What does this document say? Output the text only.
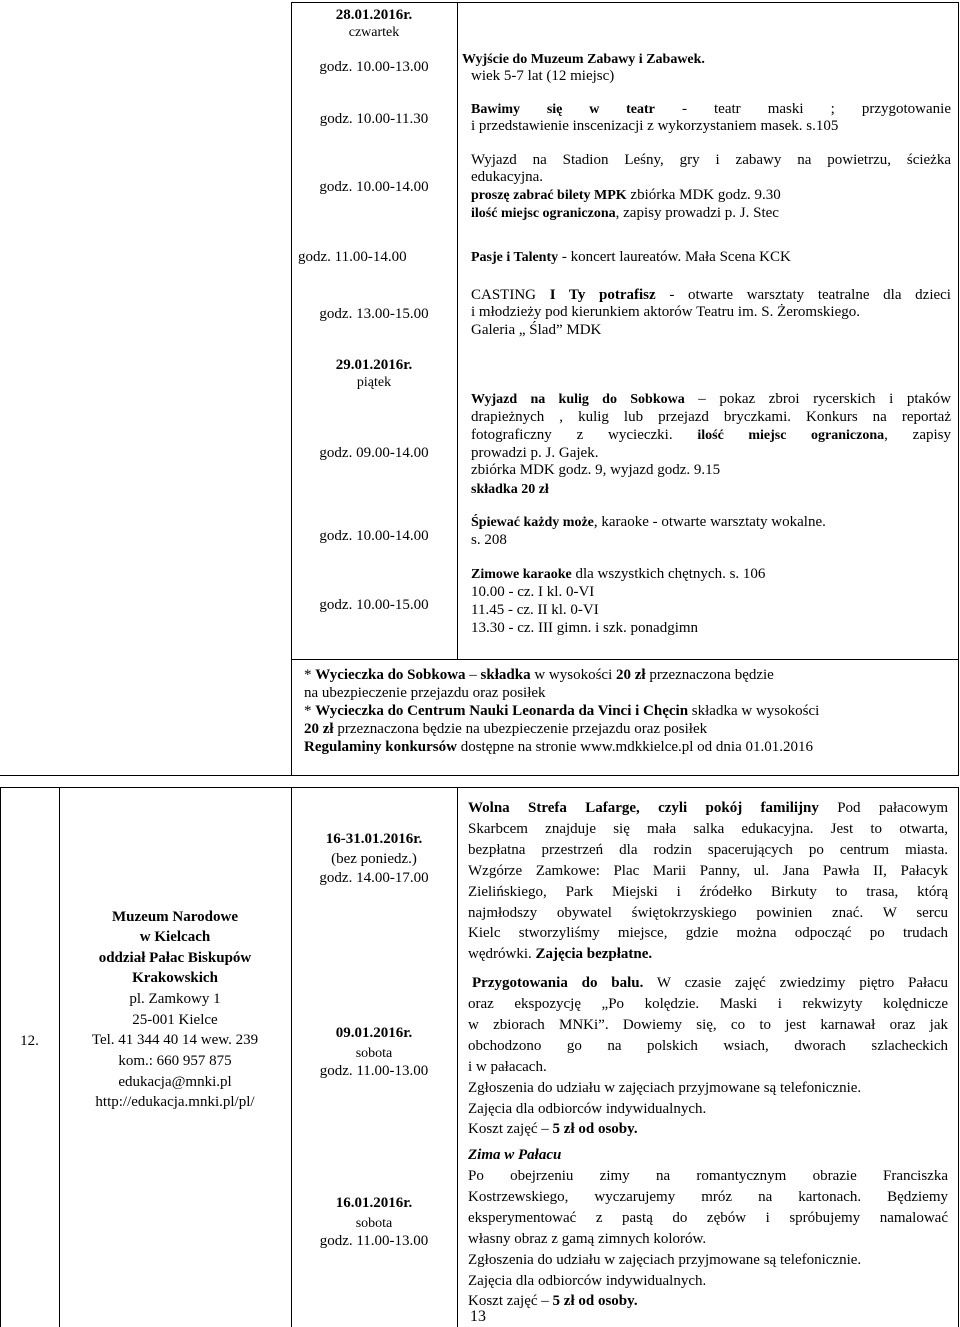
28.01.2016r.
czwartek
godz. 10.00-13.00
godz. 10.00-11.30
godz. 10.00-14.00
godz. 11.00-14.00
godz. 13.00-15.00
29.01.2016r.
piątek
godz. 09.00-14.00
godz. 10.00-14.00
godz. 10.00-15.00
Wyjście do Muzeum Zabawy i Zabawek.
wiek 5-7 lat (12 miejsc)
Bawimy się w teatr - teatr maski ; przygotowanie
i przedstawienie inscenizacji z wykorzystaniem masek. s.105
Wyjazd na Stadion Leśny, gry i zabawy na powietrzu, ścieżka
edukacyjna.
proszę zabrać bilety MPK zbiórka MDK godz. 9.30
ilość miejsc ograniczona, zapisy prowadzi p. J. Stec
Pasje i Talenty - koncert laureatów. Mała Scena KCK
CASTING I Ty potrafisz - otwarte warsztaty teatralne dla dzieci
i młodzieży pod kierunkiem aktorów Teatru im. S. Żeromskiego.
Galeria „ Ślad” MDK
Wyjazd na kulig do Sobkowa – pokaz zbroi rycerskich i ptaków
drapieżnych , kulig lub przejazd bryczkami. Konkurs na reportaż
fotograficzny z wycieczki. ilość miejsc ograniczona, zapisy
prowadzi p. J. Gajek.
zbiórka MDK godz. 9, wyjazd godz. 9.15
składka 20 zł
Śpiewać każdy może, karaoke - otwarte warsztaty wokalne.
s. 208
Zimowe karaoke dla wszystkich chętnych. s. 106
10.00 - cz. I kl. 0-VI
11.45 - cz. II kl. 0-VI
13.30 - cz. III gimn. i szk. ponadgimn
* Wycieczka do Sobkowa – składka w wysokości 20 zł przeznaczona będzie
na ubezpieczenie przejazdu oraz posiłek
* Wycieczka do Centrum Nauki Leonarda da Vinci i Chęcin składka w wysokości
20 zł przeznaczona będzie na ubezpieczenie przejazdu oraz posiłek
Regulaminy konkursów dostępne na stronie www.mdkkielce.pl od dnia 01.01.2016
12.
Muzeum Narodowe
w Kielcach
oddział Pałac Biskupów
Krakowskich
pl. Zamkowy 1
25-001 Kielce
Tel. 41 344 40 14 wew. 239
kom.: 660 957 875
edukacja@mnki.pl
http://edukacja.mnki.pl/pl/
16-31.01.2016r.
(bez poniedz.)
godz. 14.00-17.00
09.01.2016r.
sobota
godz. 11.00-13.00
16.01.2016r.
sobota
godz. 11.00-13.00
Wolna Strefa Lafarge, czyli pokój familijny Pod pałacowym
Skarbcem znajduje się mała salka edukacyjna. Jest to otwarta,
bezpłatna przestrzeń dla rodzin spacerujących po centrum miasta.
Wzgórze Zamkowe: Plac Marii Panny, ul. Jana Pawła II, Pałacyk
Zielińskiego, Park Miejski i źródełko Birkuty to trasa, którą
najmłodszy obywatel świętokrzyskiego powinien znać. W sercu
Kielc stworzyliśmy miejsce, gdzie można odpocząć po trudach
wędrówki. Zajęcia bezpłatne.
Przygotowania do balu. W czasie zajęć zwiedzimy piętro Pałacu
oraz ekspozycję „Po kolędzie. Maski i rekwizyty kolędnicze
w zbiorach MNKi”. Dowiemy się, co to jest karnawał oraz jak
obchodzono go na polskich wsiach, dworach szlacheckich
i w pałacach.
Zgłoszenia do udziału w zajęciach przyjmowane są telefonicznie.
Zajęcia dla odbiorców indywidualnych.
Koszt zajęć – 5 zł od osoby.
Zima w Pałacu
Po obejrzeniu zimy na romantycznym obrazie Franciszka
Kostrzewskiego, wyczarujemy mróz na kartonach. Będziemy
eksperymentować z pastą do zębów i spróbujemy namalować
własny obraz z gamą zimnych kolorów.
Zgłoszenia do udziału w zajęciach przyjmowane są telefonicznie.
Zajęcia dla odbiorców indywidualnych.
Koszt zajęć – 5 zł od osoby.
13
